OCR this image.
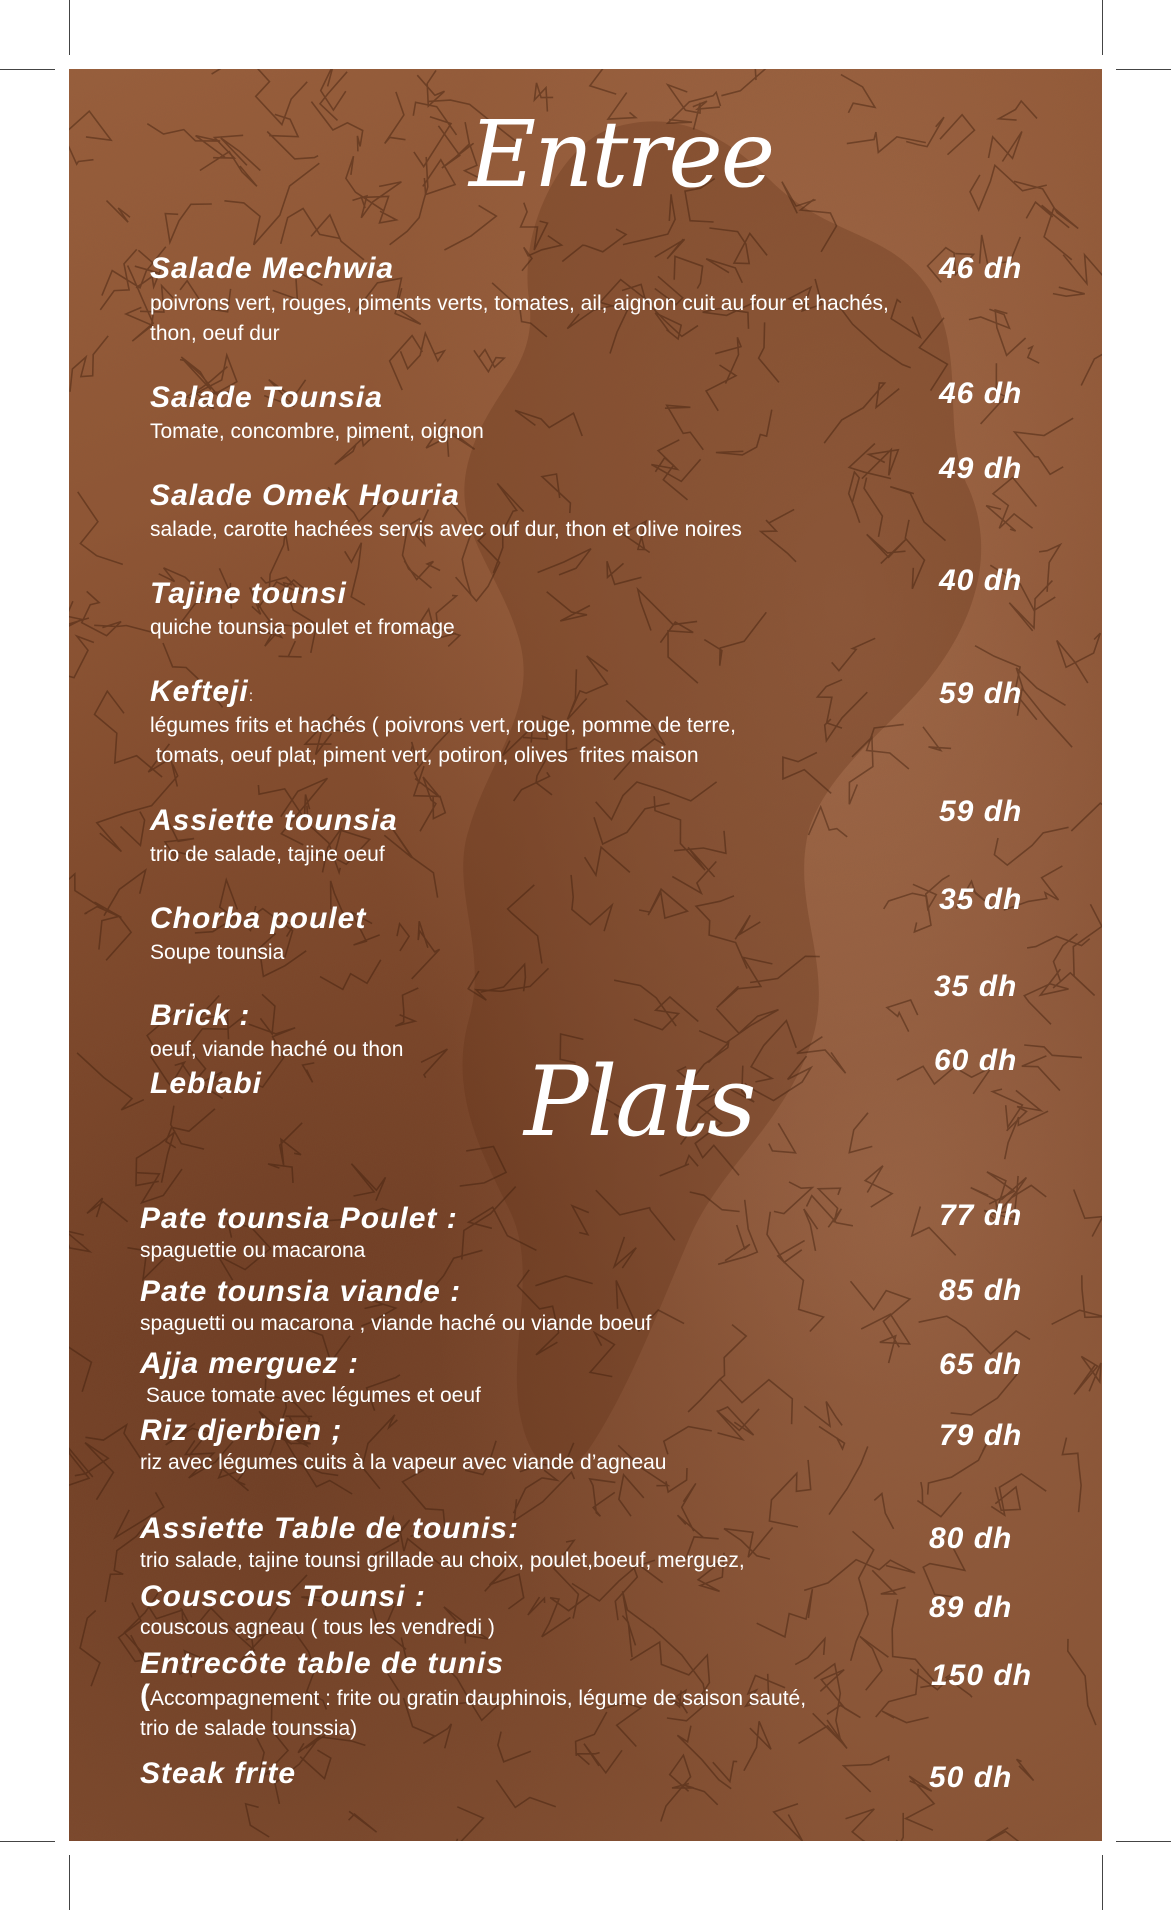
Entree
Salade Mechwia
poivrons vert, rouges, piments verts, tomates, ail, aignon cuit au four et hachés, thon, oeuf dur
46 dh
Salade Tounsia
Tomate, concombre, piment, oignon
46 dh
Salade Omek Houria
salade, carotte hachées servis avec ouf dur, thon et olive noires
49 dh
Tajine tounsi
quiche tounsia poulet et fromage
40 dh
Kefteji:
légumes frits et hachés ( poivrons vert, rouge, pomme de terre,
tomats, oeuf plat, piment vert, potiron, olives  frites maison
59 dh
Assiette tounsia
trio de salade, tajine oeuf
59 dh
Chorba poulet
Soupe tounsia
35 dh
Brick :
oeuf, viande haché ou thon
35 dh
Leblabi
60 dh
Plats
Pate tounsia Poulet :
spaguettie ou macarona
77 dh
Pate tounsia viande :
spaguetti ou macarona , viande haché ou viande boeuf
85 dh
Ajja merguez :
Sauce tomate avec légumes et oeuf
65 dh
Riz djerbien ;
riz avec légumes cuits à la vapeur avec viande d’agneau
79 dh
Assiette Table de tounis:
trio salade, tajine tounsi grillade au choix, poulet,boeuf, merguez,
80 dh
Couscous Tounsi :
couscous agneau ( tous les vendredi )
89 dh
Entrecôte table de tunis
(Accompagnement : frite ou gratin dauphinois, légume de saison sauté,
trio de salade tounssia)
150 dh
Steak frite	50 dh
